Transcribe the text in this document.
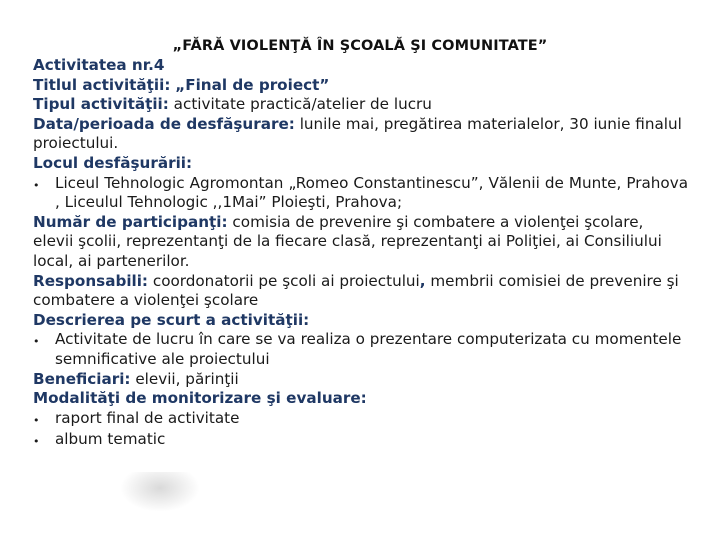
„FĂRĂ VIOLENŢĂ ÎN ŞCOALĂ ŞI COMUNITATE”
Activitatea nr.4
Titlul activităţii: „Final de proiect”
Tipul activităţii: activitate practică/atelier de lucru
Data/perioada de desfăşurare: lunile mai, pregătirea materialelor, 30 iunie finalul proiectului.
Locul desfăşurării:
•	Liceul Tehnologic Agromontan „Romeo Constantinescu”, Vălenii de Munte, Prahova , Liceulul Tehnologic ,,1Mai” Ploieşti, Prahova;
Număr de participanţi: comisia de prevenire şi combatere a violenţei şcolare, elevii şcolii, reprezentanţi de la fiecare clasă, reprezentanţi ai Poliţiei, ai Consiliului local, ai partenerilor.
Responsabili: coordonatorii pe şcoli ai proiectului, membrii comisiei de prevenire şi combatere a violenţei şcolare
Descrierea pe scurt a activităţii:
•	Activitate de lucru în care se va realiza o prezentare computerizata cu momentele semnificative ale proiectului
Beneficiari: elevii, părinţii
Modalităţi de monitorizare şi evaluare:
•	raport final de activitate
•	album tematic
